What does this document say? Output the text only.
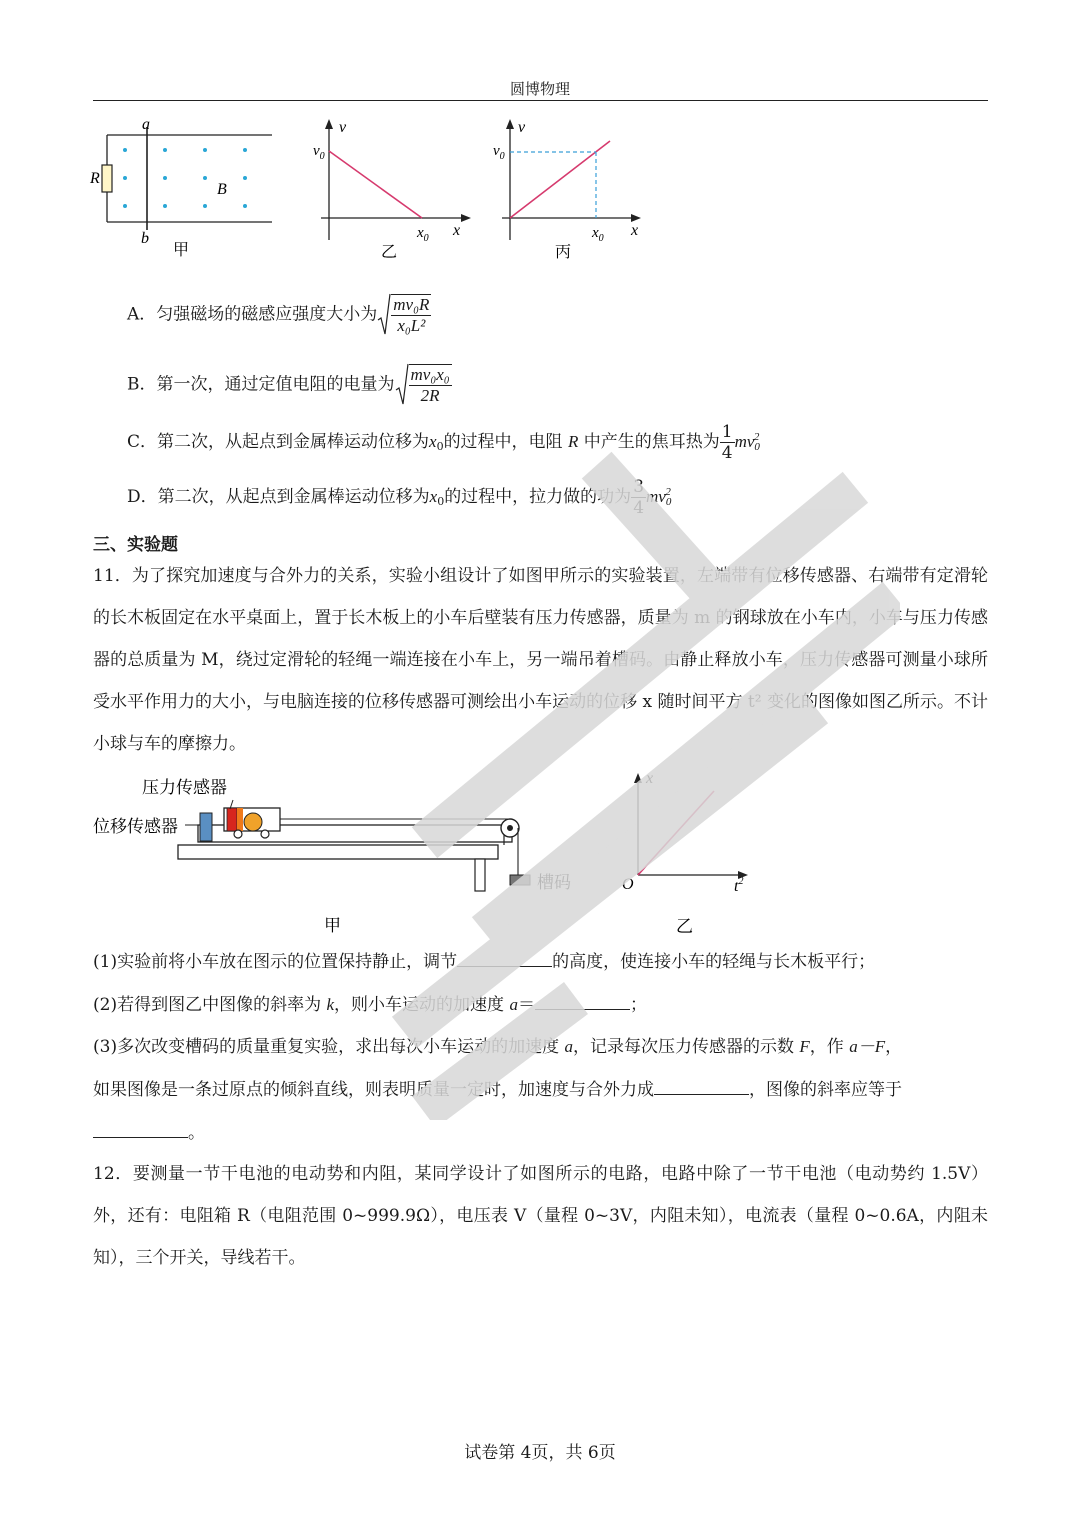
圆博物理
a
b
R
B
甲
v
$v_0$
$x_0$ x
乙
v
$v_0$
$x_0$ x
丙
A．匀强磁场的磁感应强度大小为 $\frac{\text{mv₀R}}{\text{x₀L²}}$
B．第一次，通过定值电阻的电量为 $\frac{\text{mv₀x₀}}{2R}$
C．第二次，从起点到金属棒运动位移为$x_0$的过程中，电阻 R 中产生的焦耳热为 $\frac{1}{4} mv_0^2$
D．第二次，从起点到金属棒运动位移为$x_0$的过程中，拉力做的功为 $\frac{3}{4} mv_0^2$
三、实验题
11．为了探究加速度与合外力的关系，实验小组设计了如图甲所示的实验装置，左端带有位移传感器、右端带有定滑轮的长木板固定在水平桌面上，置于长木板上的小车后壁装有压力传感器，质量为 m 的钢球放在小车内，小车与压力传感器的总质量为 M，绕过定滑轮的轻绳一端连接在小车上，另一端吊着槽码。由静止释放小车，压力传感器可测量小球所受水平作用力的大小，与电脑连接的位移传感器可测绘出小车运动的位移 x 随时间平方 t² 变化的图像如图乙所示。不计小球与车的摩擦力。
压力传感器
位移传感器
槽码
甲
x
O	$t^2$
乙
(1)实验前将小车放在图示的位置保持静止，调节	的高度，使连接小车的轻绳与长木板平行；
(2)若得到图乙中图像的斜率为 k，则小车运动的加速度 a＝	；
(3)多次改变槽码的质量重复实验，求出每次小车运动的加速度 a，记录每次压力传感器的示数 F，作 a－F，
如果图像是一条过原点的倾斜直线，则表明质量一定时，加速度与合外力成	，图像的斜率应等于
。
12．要测量一节干电池的电动势和内阻，某同学设计了如图所示的电路，电路中除了一节干电池（电动势约 1.5V）外，还有：电阻箱 R（电阻范围 0~999.9Ω），电压表 V（量程 0~3V，内阻未知），电流表（量程 0~0.6A，内阻未知），三个开关，导线若干。
试卷第 4页，共 6页
